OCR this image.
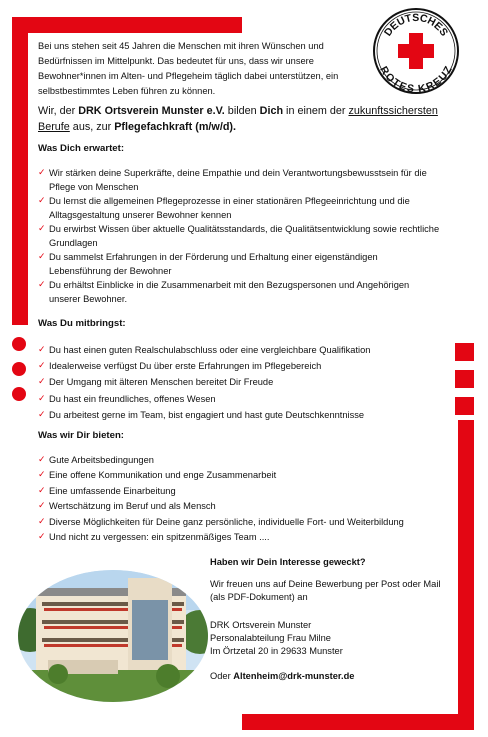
DEUTSCHES
ROTES KREUZ

Bei uns stehen seit 45 Jahren die Menschen mit ihren Wünschen und Bedürfnissen im Mittelpunkt. Das bedeutet für uns, dass wir unsere Bewohner*innen im Alten- und Pflegeheim täglich dabei unterstützen, ein selbstbestimmtes Leben führen zu können.

Wir, der DRK Ortsverein Munster e.V. bilden Dich in einem der zukunftssichersten Berufe aus, zur Pflegefachkraft (m/w/d).

Was Dich erwartet:
✓ Wir stärken deine Superkräfte, deine Empathie und dein Verantwortungsbewusstsein für die Pflege von Menschen
✓ Du lernst die allgemeinen Pflegeprozesse in einer stationären Pflegeeinrichtung und die Alltagsgestaltung unserer Bewohner kennen
✓ Du erwirbst Wissen über aktuelle Qualitätsstandards, die Qualitätsentwicklung sowie rechtliche Grundlagen
✓ Du sammelst Erfahrungen in der Förderung und Erhaltung einer eigenständigen Lebensführung der Bewohner
✓ Du erhältst Einblicke in die Zusammenarbeit mit den Bezugspersonen und Angehörigen unserer Bewohner.
Was Du mitbringst:
✓ Du hast einen guten Realschulabschluss oder eine vergleichbare Qualifikation
✓ Idealerweise verfügst Du über erste Erfahrungen im Pflegebereich
✓ Der Umgang mit älteren Menschen bereitet Dir Freude
✓ Du hast ein freundliches, offenes Wesen
✓ Du arbeitest gerne im Team, bist engagiert und hast gute Deutschkenntnisse
Was wir Dir bieten:
✓ Gute Arbeitsbedingungen
✓ Eine offene Kommunikation und enge Zusammenarbeit
✓ Eine umfassende Einarbeitung
✓ Wertschätzung im Beruf und als Mensch
✓ Diverse Möglichkeiten für Deine ganz persönliche, individuelle Fort- und Weiterbildung
✓ Und nicht zu vergessen: ein spitzenmäßiges Team ....
Haben wir Dein Interesse geweckt?
Wir freuen uns auf Deine Bewerbung per Post oder Mail
(als PDF-Dokument) an
DRK Ortsverein Munster
Personalabteilung Frau Milne
Im Örtzetal 20 in 29633 Munster
Oder Altenheim@drk-munster.de
